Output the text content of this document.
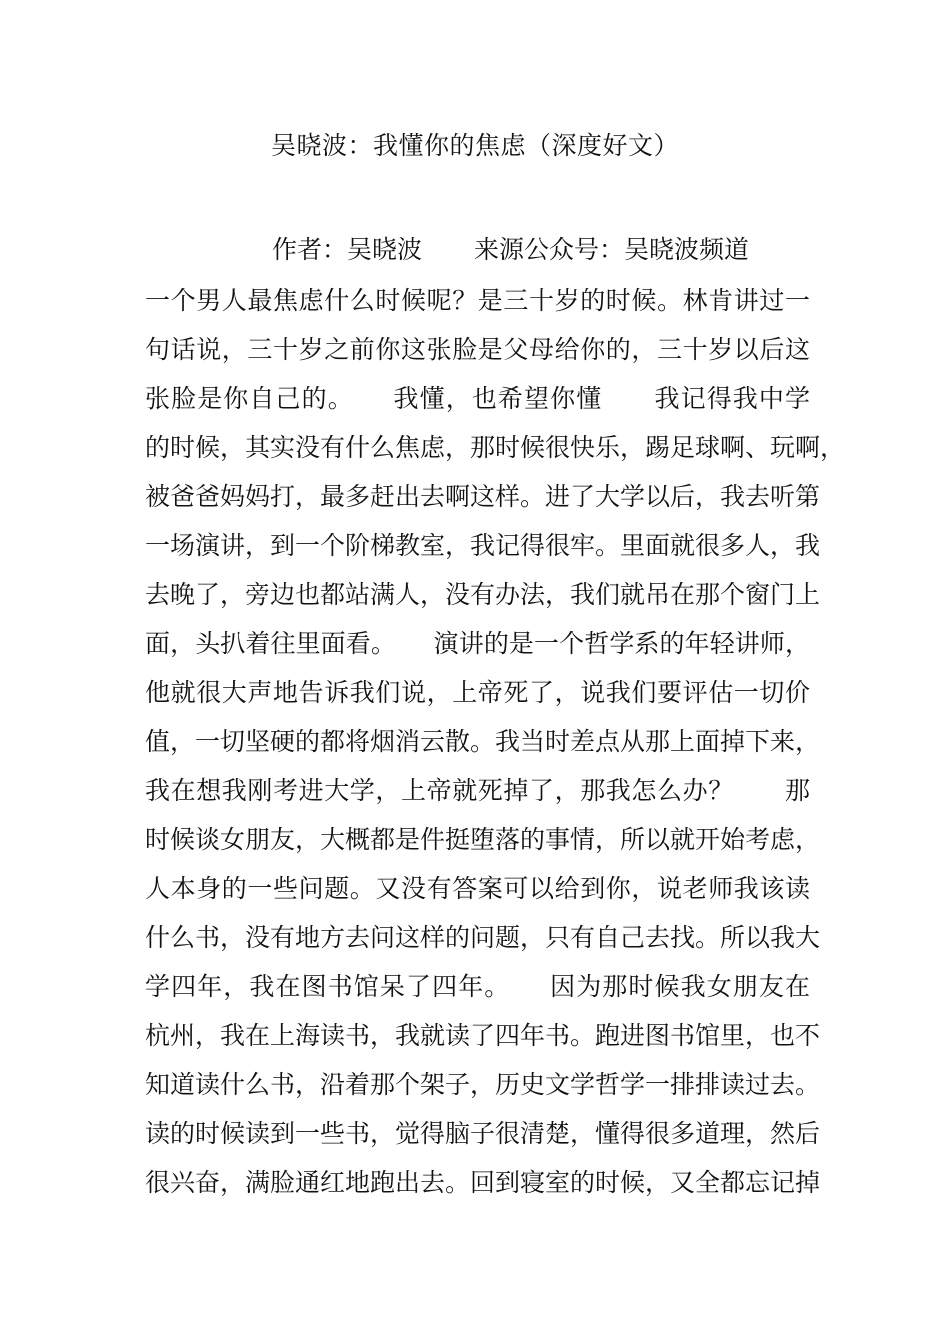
吴晓波：我懂你的焦虑（深度好文）
作者：吴晓波 来源公众号：吴晓波频道
一个男人最焦虑什么时候呢？是三十岁的时候。林肯讲过一
句话说，三十岁之前你这张脸是父母给你的，三十岁以后这
张脸是你自己的。　　我懂，也希望你懂　　我记得我中学
的时候，其实没有什么焦虑，那时候很快乐，踢足球啊、玩啊，
被爸爸妈妈打，最多赶出去啊这样。进了大学以后，我去听第
一场演讲，到一个阶梯教室，我记得很牢。里面就很多人，我
去晚了，旁边也都站满人，没有办法，我们就吊在那个窗门上
面，头扒着往里面看。　　演讲的是一个哲学系的年轻讲师，
他就很大声地告诉我们说，上帝死了，说我们要评估一切价
值，一切坚硬的都将烟消云散。我当时差点从那上面掉下来，
我在想我刚考进大学，上帝就死掉了，那我怎么办？　　那
时候谈女朋友，大概都是件挺堕落的事情，所以就开始考虑，
人本身的一些问题。又没有答案可以给到你，说老师我该读
什么书，没有地方去问这样的问题，只有自己去找。所以我大
学四年，我在图书馆呆了四年。　　因为那时候我女朋友在
杭州，我在上海读书，我就读了四年书。跑进图书馆里，也不
知道读什么书，沿着那个架子，历史文学哲学一排排读过去。
读的时候读到一些书，觉得脑子很清楚，懂得很多道理，然后
很兴奋，满脸通红地跑出去。回到寝室的时候，又全都忘记掉
